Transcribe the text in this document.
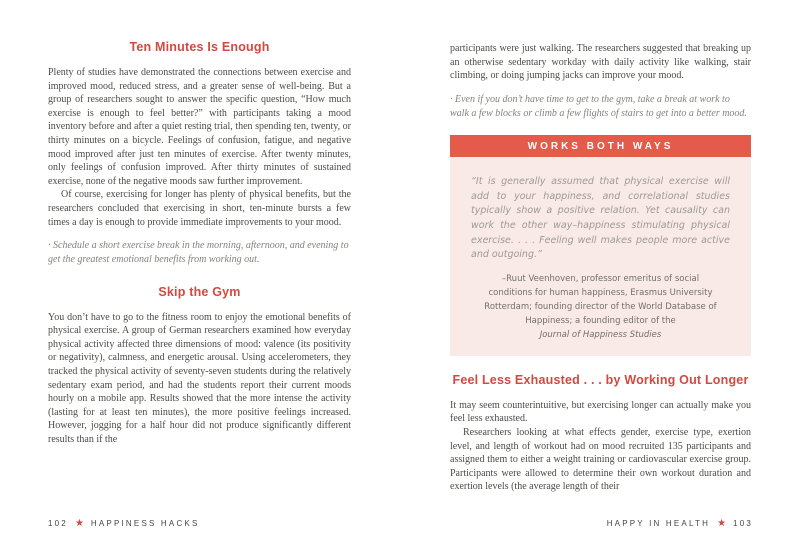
Ten Minutes Is Enough

Plenty of studies have demonstrated the connections between exercise and improved mood, reduced stress, and a greater sense of well-being. But a group of researchers sought to answer the specific question, “How much exercise is enough to feel better?” with participants taking a mood inventory before and after a quiet resting trial, then spending ten, twenty, or thirty minutes on a bicycle. Feelings of confusion, fatigue, and negative mood improved after just ten minutes of exercise. After twenty minutes, only feelings of confusion improved. After thirty minutes of sustained exercise, none of the negative moods saw further improvement.

Of course, exercising for longer has plenty of physical benefits, but the researchers concluded that exercising in short, ten-minute bursts a few times a day is enough to provide immediate improvements to your mood.

· Schedule a short exercise break in the morning, afternoon, and evening to get the greatest emotional benefits from working out.

Skip the Gym

You don’t have to go to the fitness room to enjoy the emotional benefits of physical exercise. A group of German researchers examined how everyday physical activity affected three dimensions of mood: valence (its positivity or negativity), calmness, and energetic arousal. Using accelerometers, they tracked the physical activity of seventy-seven students during the relatively sedentary exam period, and had the students report their current moods hourly on a mobile app. Results showed that the more intense the activity (lasting for at least ten minutes), the more positive feelings increased. However, jogging for a half hour did not produce significantly different results than if the

102 ★ HAPPINESS HACKS

participants were just walking. The researchers suggested that breaking up an otherwise sedentary workday with daily activity like walking, stair climbing, or doing jumping jacks can improve your mood.

· Even if you don’t have time to get to the gym, take a break at work to walk a few blocks or climb a few flights of stairs to get into a better mood.

WORKS BOTH WAYS

“It is generally assumed that physical exercise will add to your happiness, and correlational studies typically show a positive relation. Yet causality can work the other way–happiness stimulating physical exercise. . . . Feeling well makes people more active and outgoing.”

–Ruut Veenhoven, professor emeritus of social conditions for human happiness, Erasmus University Rotterdam; founding director of the World Database of Happiness; a founding editor of the

Journal of Happiness Studies

Feel Less Exhausted . . . by Working Out Longer

It may seem counterintuitive, but exercising longer can actually make you feel less exhausted.

Researchers looking at what effects gender, exercise type, exertion level, and length of workout had on mood recruited 135 participants and assigned them to either a weight training or cardiovascular exercise group. Participants were allowed to determine their own workout duration and exertion levels (the average length of their

HAPPY IN HEALTH ★ 103
